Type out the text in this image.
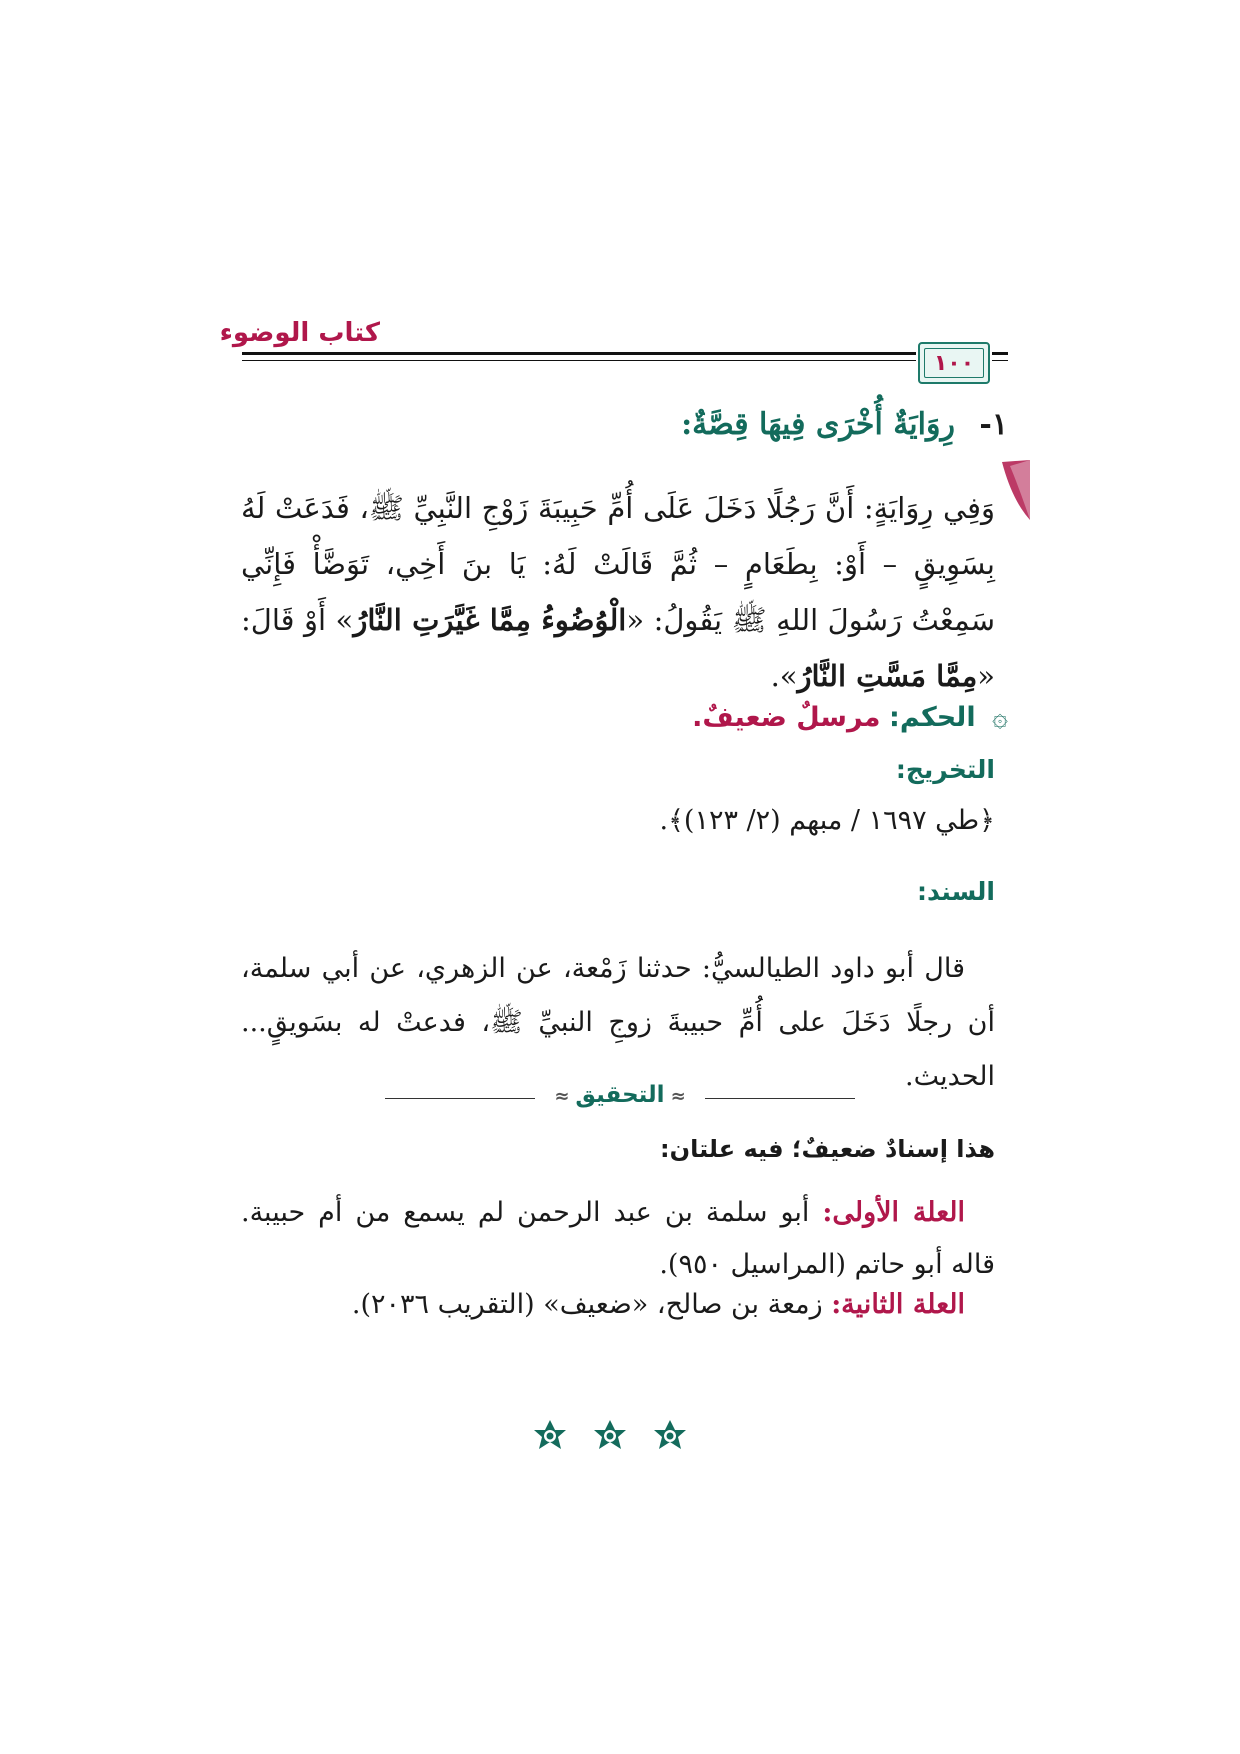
كتاب الوضوء
١٠٠
١- رِوَايَةٌ أُخْرَى فِيهَا قِصَّةٌ:
وَفِي رِوَايَةٍ: أَنَّ رَجُلًا دَخَلَ عَلَى أُمِّ حَبِيبَةَ زَوْجِ النَّبِيِّ ﷺ، فَدَعَتْ لَهُ بِسَوِيقٍ – أَوْ: بِطَعَامٍ – ثُمَّ قَالَتْ لَهُ: يَا بنَ أَخِي، تَوَضَّأْ فَإِنِّي سَمِعْتُ رَسُولَ اللهِ ﷺ يَقُولُ: «الْوُضُوءُ مِمَّا غَيَّرَتِ النَّارُ» أَوْ قَالَ: «مِمَّا مَسَّتِ النَّارُ».
۞ الحكم: مرسلٌ ضعيفٌ.
التخريج:
﴿طي ١٦٩٧ / مبهم (٢/ ١٢٣)﴾.
السند:
قال أبو داود الطيالسيُّ: حدثنا زَمْعة، عن الزهري، عن أبي سلمة، أن رجلًا دَخَلَ على أُمِّ حبيبةَ زوجِ النبيِّ ﷺ، فدعتْ له بسَويقٍ... الحديث.
≈التحقيق≈
هذا إسنادٌ ضعيفٌ؛ فيه علتان:
العلة الأولى: أبو سلمة بن عبد الرحمن لم يسمع من أم حبيبة. قاله أبو حاتم (المراسيل ٩٥٠).
العلة الثانية: زمعة بن صالح، «ضعيف» (التقريب ٢٠٣٦).
